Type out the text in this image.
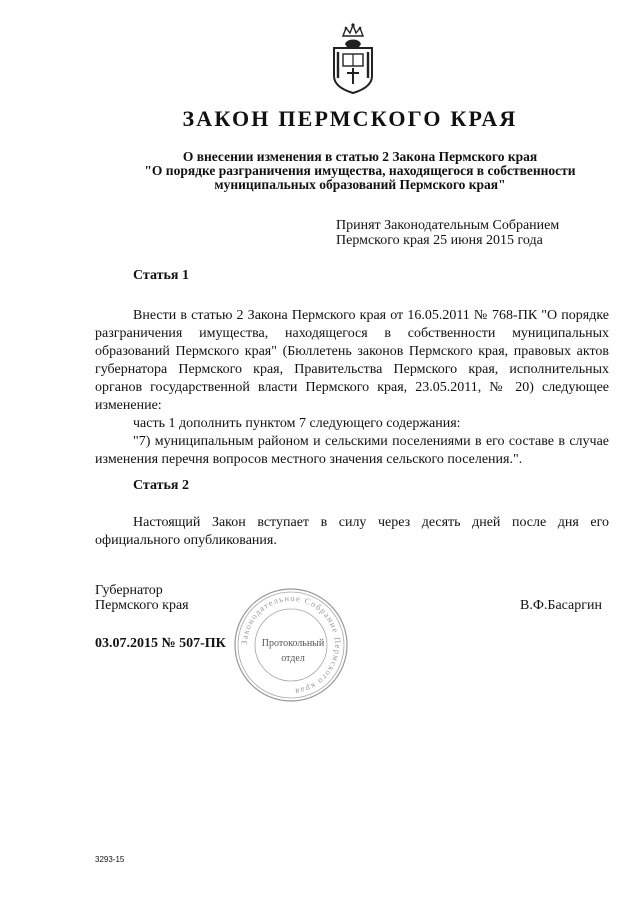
ЗАКОН ПЕРМСКОГО КРАЯ
О внесении изменения в статью 2 Закона Пермского края
"О порядке разграничения имущества, находящегося в собственности
муниципальных образований Пермского края"
Принят Законодательным Собранием
Пермского края 25 июня 2015 года
Статья 1

Внести в статью 2 Закона Пермского края от 16.05.2011 № 768-ПК "О порядке разграничения имущества, находящегося в собственности муниципальных образований Пермского края" (Бюллетень законов Пермского края, правовых актов губернатора Пермского края, Правительства Пермского края, исполнительных органов государственной власти Пермского края, 23.05.2011, № 20) следующее изменение:

часть 1 дополнить пунктом 7 следующего содержания:

"7) муниципальным районом и сельскими поселениями в его составе в случае изменения перечня вопросов местного значения сельского поселения.".

Статья 2

Настоящий Закон вступает в силу через десять дней после дня его официального опубликования.

Губернатор
Пермского края	В.Ф.Басаргин
03.07.2015 № 507-ПК Законодательное Собрание Пермского края
Протокольный
отдел
3293-15
